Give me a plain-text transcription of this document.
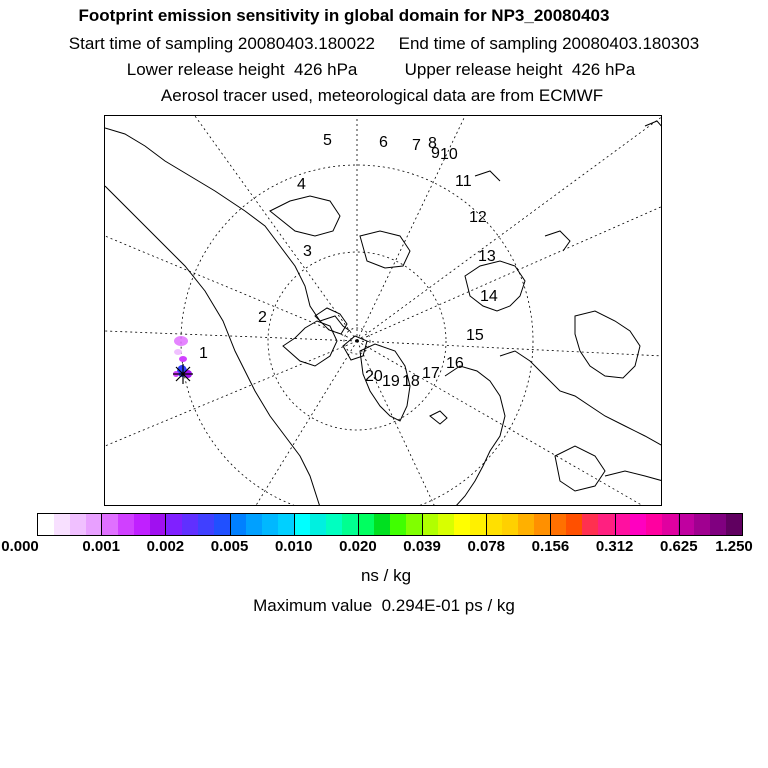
Footprint emission sensitivity in global domain for NP3_20080403
Start time of sampling 20080403.180022     End time of sampling 20080403.180303
Lower release height  426 hPa          Upper release height  426 hPa
Aerosol tracer used, meteorological data are from ECMWF
1
2
3
4
5	6 7 8
9 10
11
12
13
14
15
16
17
18
19
20
0.000	0.001 0.002 0.005 0.010 0.020 0.039 0.078 0.156 0.312 0.625 1.250
ns / kg
Maximum value  0.294E-01 ps / kg
